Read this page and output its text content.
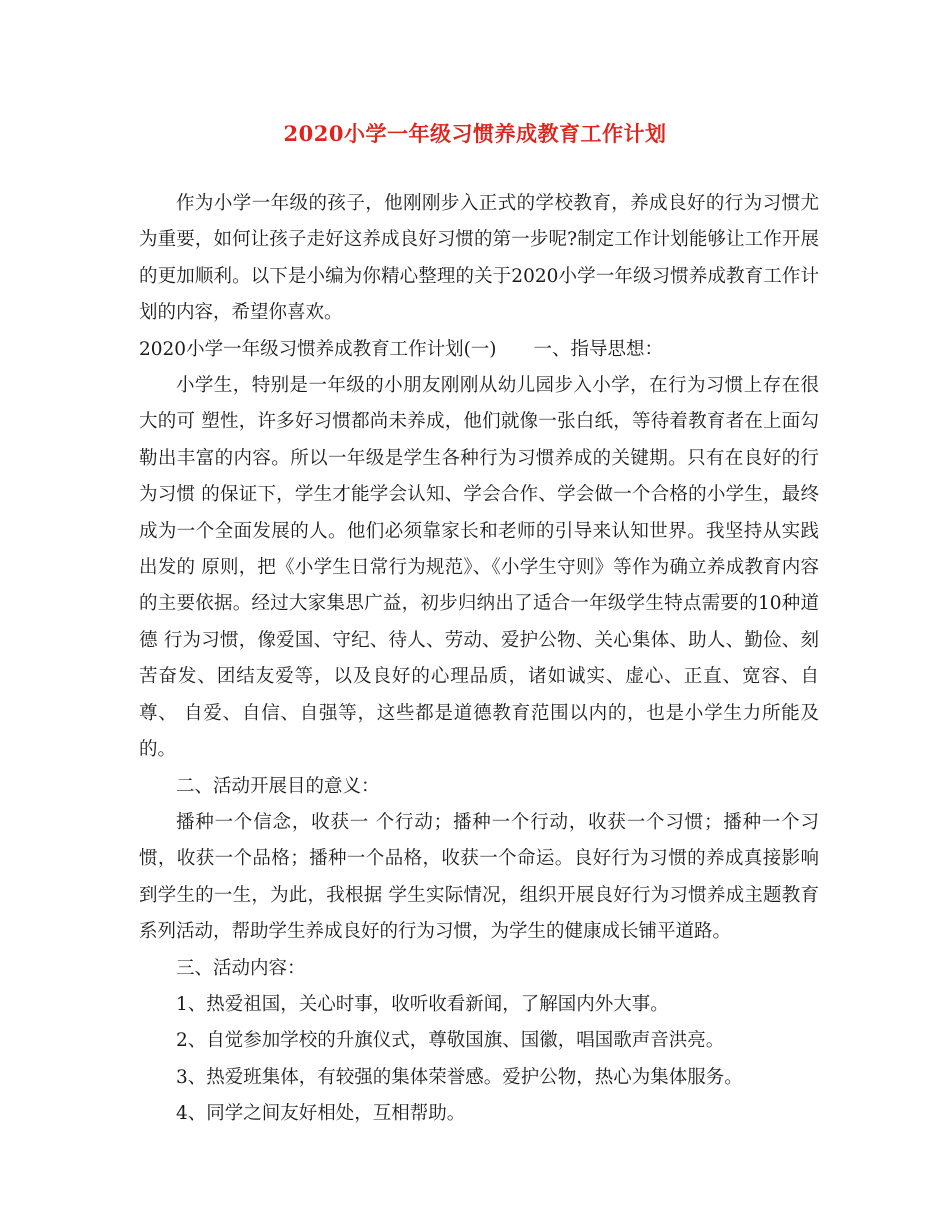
2020小学一年级习惯养成教育工作计划

作为小学一年级的孩子，他刚刚步入正式的学校教育，养成良好的行为习惯尤为重要，如何让孩子走好这养成良好习惯的第一步呢?制定工作计划能够让工作开展的更加顺利。以下是小编为你精心整理的关于2020小学一年级习惯养成教育工作计划的内容，希望你喜欢。

2020小学一年级习惯养成教育工作计划(一)　　一、指导思想：

小学生，特别是一年级的小朋友刚刚从幼儿园步入小学，在行为习惯上存在很大的可 塑性，许多好习惯都尚未养成，他们就像一张白纸，等待着教育者在上面勾勒出丰富的内容。所以一年级是学生各种行为习惯养成的关键期。只有在良好的行为习惯 的保证下，学生才能学会认知、学会合作、学会做一个合格的小学生，最终成为一个全面发展的人。他们必须靠家长和老师的引导来认知世界。我坚持从实践出发的 原则，把《小学生日常行为规范》、《小学生守则》等作为确立养成教育内容的主要依据。经过大家集思广益，初步归纳出了适合一年级学生特点需要的10种道德 行为习惯，像爱国、守纪、待人、劳动、爱护公物、关心集体、助人、勤俭、刻苦奋发、团结友爱等，以及良好的心理品质，诸如诚实、虚心、正直、宽容、自尊、 自爱、自信、自强等，这些都是道德教育范围以内的，也是小学生力所能及的。

二、活动开展目的意义：

播种一个信念，收获一 个行动；播种一个行动，收获一个习惯；播种一个习惯，收获一个品格；播种一个品格，收获一个命运。良好行为习惯的养成真接影响到学生的一生，为此，我根据 学生实际情况，组织开展良好行为习惯养成主题教育系列活动，帮助学生养成良好的行为习惯，为学生的健康成长铺平道路。

三、活动内容：

1、热爱祖国，关心时事，收听收看新闻，了解国内外大事。

2、自觉参加学校的升旗仪式，尊敬国旗、国徽，唱国歌声音洪亮。

3、热爱班集体，有较强的集体荣誉感。爱护公物，热心为集体服务。

4、同学之间友好相处，互相帮助。
